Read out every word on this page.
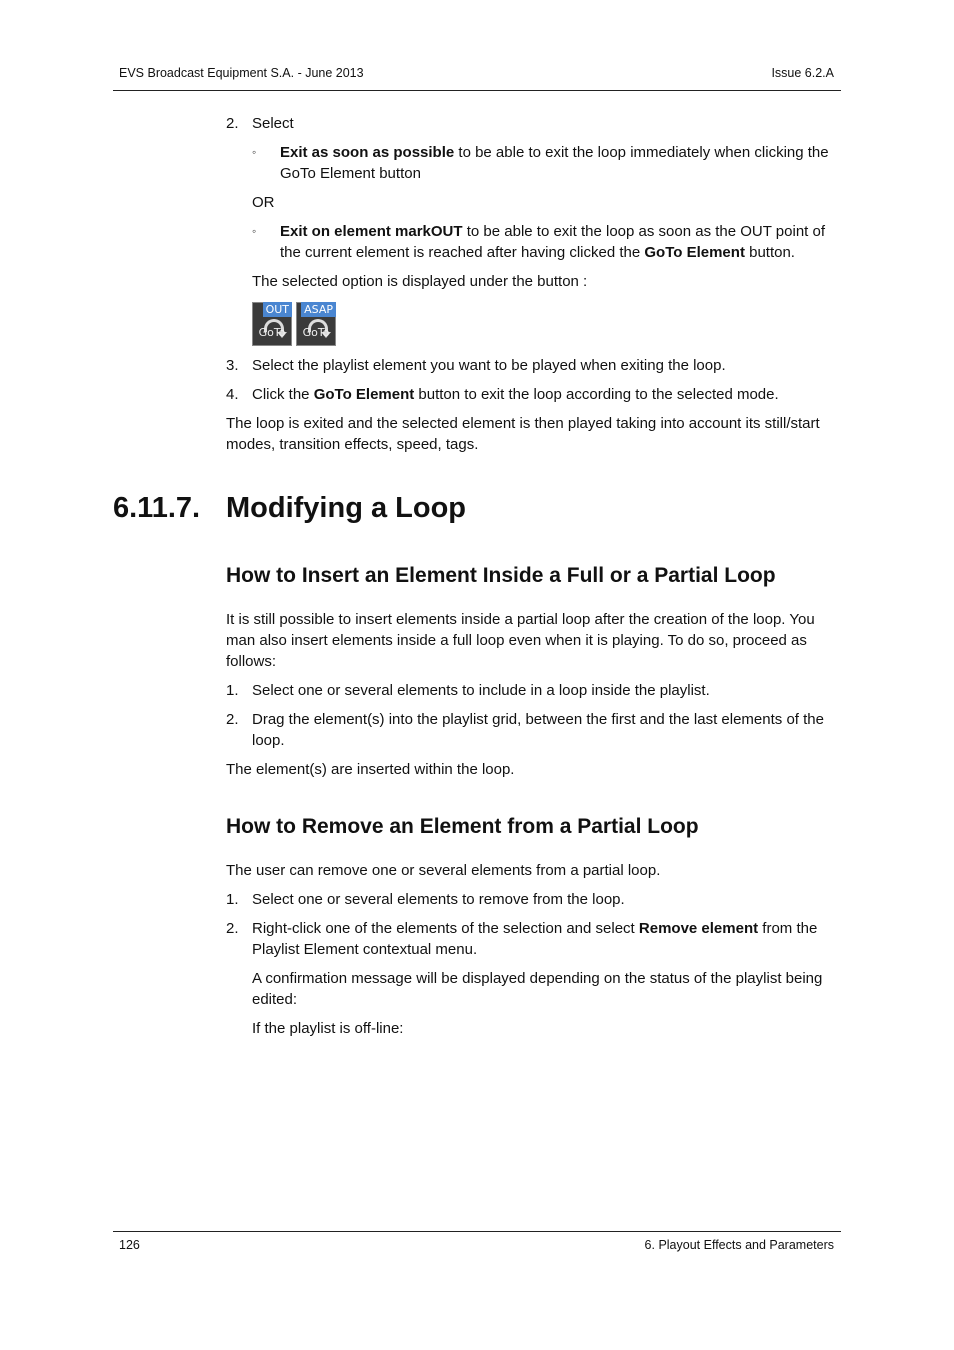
EVS Broadcast Equipment S.A. - June 2013	Issue 6.2.A
2. Select
◦ Exit as soon as possible to be able to exit the loop immediately when clicking the GoTo Element button

OR

◦ Exit on element markOUT to be able to exit the loop as soon as the OUT point of the current element is reached after having clicked the GoTo Element button.

The selected option is displayed under the button :

OUT
GoTo
ASAP
GoTo
3. Select the playlist element you want to be played when exiting the loop.
4. Click the GoTo Element button to exit the loop according to the selected mode.

The loop is exited and the selected element is then played taking into account its still/start modes, transition effects, speed, tags.

6.11.7. Modifying a Loop
How to Insert an Element Inside a Full or a Partial Loop

It is still possible to insert elements inside a partial loop after the creation of the loop. You man also insert elements inside a full loop even when it is playing. To do so, proceed as follows:

1. Select one or several elements to include in a loop inside the playlist.
2. Drag the element(s) into the playlist grid, between the first and the last elements of the loop.

The element(s) are inserted within the loop.

How to Remove an Element from a Partial Loop

The user can remove one or several elements from a partial loop.

1. Select one or several elements to remove from the loop.
2. Right-click one of the elements of the selection and select Remove element from the Playlist Element contextual menu.

A confirmation message will be displayed depending on the status of the playlist being edited:

If the playlist is off-line:

126	6. Playout Effects and Parameters
